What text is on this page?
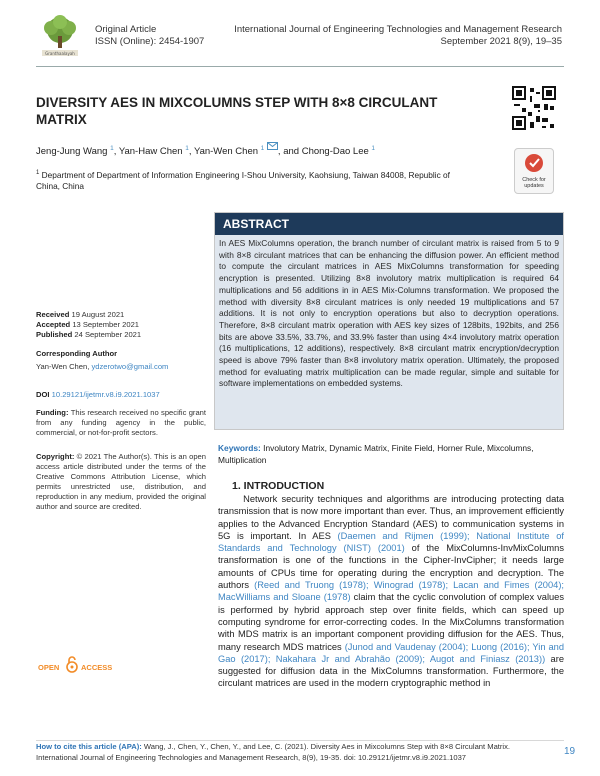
Granthaalayah
Original Article
ISSN (Online): 2454-1907
International Journal of Engineering Technologies and Management Research
September 2021 8(9), 19–35
DIVERSITY AES IN MIXCOLUMNS STEP WITH 8×8 CIRCULANT MATRIX
Jeng-Jung Wang $^1$, Yan-Haw Chen $^1$, Yan-Wen Chen $^1$ , and Chong-Dao Lee $^1$
$^1$ Department of Department of Information Engineering I-Shou University, Kaohsiung, Taiwan 84008, Republic of China, China
Check for updates
ABSTRACT
In AES MixColumns operation, the branch number of circulant matrix is raised from 5 to 9 with 8×8 circulant matrices that can be enhancing the diffusion power. An efficient method to compute the circulant matrices in AES MixColumns transformation for speeding encryption is presented. Utilizing 8×8 involutory matrix multiplication is required 64 multiplications and 56 additions in in AES Mix-Columns transformation. We proposed the method with diversity 8×8 circulant matrices is only needed 19 multiplications and 57 additions. It is not only to encryption operations but also to decryption operations. Therefore, 8×8 circulant matrix operation with AES key sizes of 128bits, 192bits, and 256 bits are above 33.5%, 33.7%, and 33.9% faster than using 4×4 involutory matrix operation (16 multiplications, 12 additions), respectively. 8×8 circulant matrix encryption/decryption speed is above 79% faster than 8×8 involutory matrix operation. Ultimately, the proposed method for evaluating matrix multiplication can be made regular, simple and suitable for software implementations on embedded systems.
Received 19 August 2021
Accepted 13 September 2021
Published 24 September 2021
Corresponding Author
Yan-Wen Chen, ydzerotwo@gmail.com
DOI 10.29121/ijetmr.v8.i9.2021.1037
Funding: This research received no specific grant from any funding agency in the public, commercial, or not-for-profit sectors.
Copyright: © 2021 The Author(s). This is an open access article distributed under the terms of the Creative Commons Attribution License, which permits unrestricted use, distribution, and reproduction in any medium, provided the original author and source are credited.
OPEN	ACCESS
Keywords: Involutory Matrix, Dynamic Matrix, Finite Field, Horner Rule, Mixcolumns, Multiplication
1. INTRODUCTION
Network security techniques and algorithms are introducing protecting data transmission that is now more important than ever. Thus, an improvement efficiently applies to the Advanced Encryption Standard (AES) to communication systems in 5G is important. In AES (Daemen and Rijmen (1999); National Institute of Standards and Technology (NIST) (2001) of the MixColumns-InvMixColumns transformation is one of the functions in the Cipher-InvCipher; it needs large amounts of CPUs time for operating during the encryption and decryption. The authors (Reed and Truong (1978); Winograd (1978); Lacan and Fimes (2004); MacWilliams and Sloane (1978) claim that the cyclic convolution of complex values is performed by hybrid approach step over finite fields, which can speed up computing syndrome for error-correcting codes. In the MixColumns transformation with MDS matrix is an important component providing diffusion for the AES. Thus, many research MDS matrices (Junod and Vaudenay (2004); Luong (2016); Yin and Gao (2017); Nakahara Jr and Abrahão (2009); Augot and Finiasz (2013)) are suggested for diffusion data in the MixColumns transformation. Furthermore, the circulant matrices are used in the modern cryptographic method in
How to cite this article (APA): Wang, J., Chen, Y., Chen, Y., and Lee, C. (2021). Diversity Aes in Mixcolumns Step with 8×8 Circulant Matrix. International Journal of Engineering Technologies and Management Research, 8(9), 19-35. doi: 10.29121/ijetmr.v8.i9.2021.1037
19
